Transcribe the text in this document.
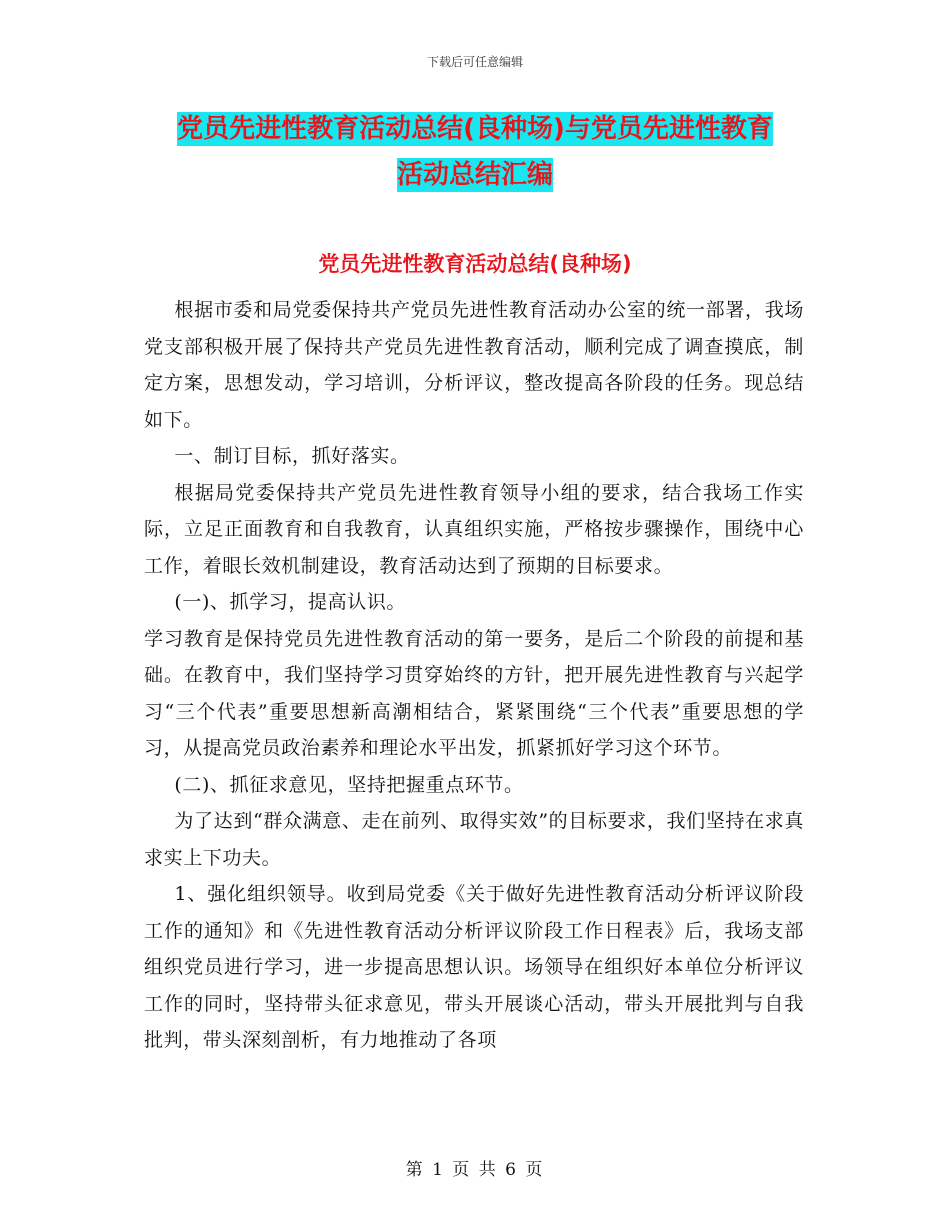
下载后可任意编辑
党员先进性教育活动总结(良种场)与党员先进性教育
活动总结汇编
党员先进性教育活动总结(良种场)

根据市委和局党委保持共产党员先进性教育活动办公室的统一部署，我场党支部积极开展了保持共产党员先进性教育活动，顺利完成了调查摸底，制定方案，思想发动，学习培训，分析评议，整改提高各阶段的任务。现总结如下。

一、制订目标，抓好落实。

根据局党委保持共产党员先进性教育领导小组的要求，结合我场工作实际，立足正面教育和自我教育，认真组织实施，严格按步骤操作，围绕中心工作，着眼长效机制建设，教育活动达到了预期的目标要求。

(一)、抓学习，提高认识。

学习教育是保持党员先进性教育活动的第一要务，是后二个阶段的前提和基础。在教育中，我们坚持学习贯穿始终的方针，把开展先进性教育与兴起学习“三个代表”重要思想新高潮相结合，紧紧围绕“三个代表”重要思想的学习，从提高党员政治素养和理论水平出发，抓紧抓好学习这个环节。

(二)、抓征求意见，坚持把握重点环节。

为了达到“群众满意、走在前列、取得实效”的目标要求，我们坚持在求真求实上下功夫。

1、强化组织领导。收到局党委《关于做好先进性教育活动分析评议阶段工作的通知》和《先进性教育活动分析评议阶段工作日程表》后，我场支部组织党员进行学习，进一步提高思想认识。场领导在组织好本单位分析评议工作的同时，坚持带头征求意见，带头开展谈心活动，带头开展批判与自我批判，带头深刻剖析，有力地推动了各项

第 1 页 共 6 页
